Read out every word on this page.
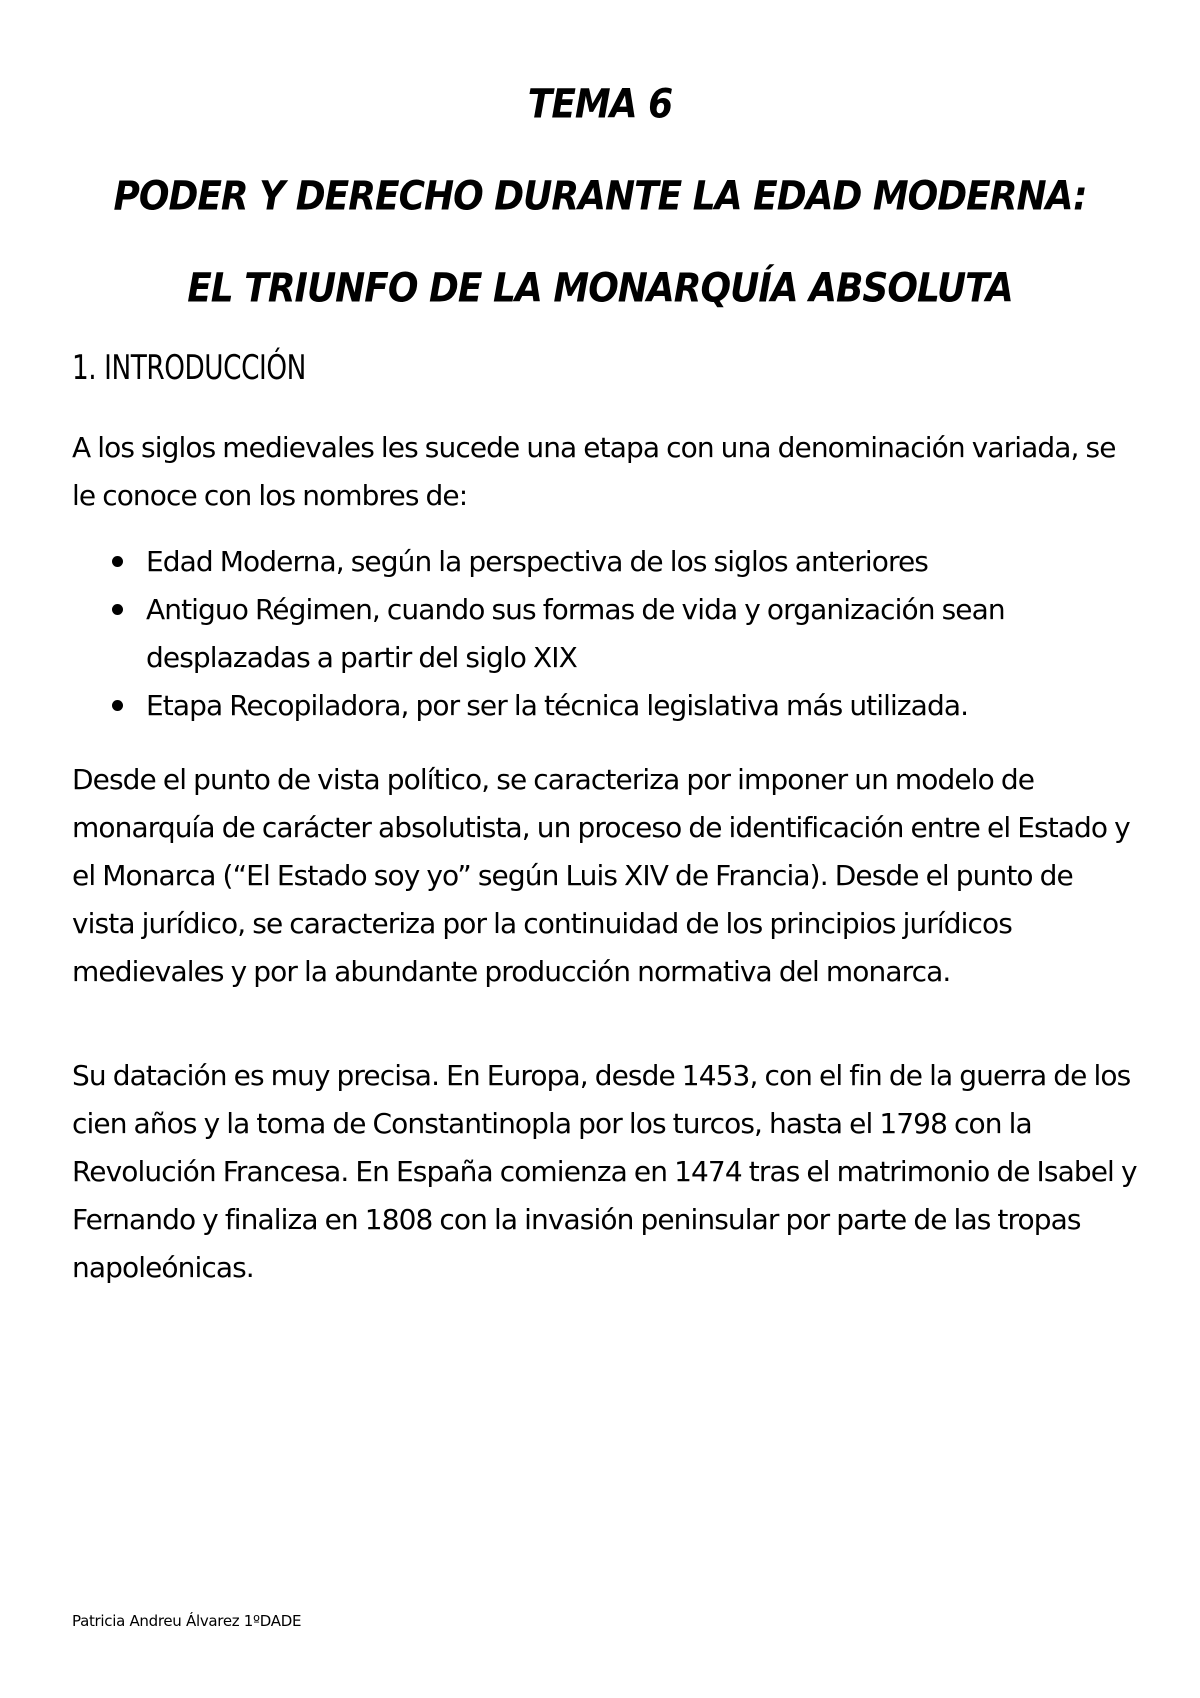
TEMA 6
PODER Y DERECHO DURANTE LA EDAD MODERNA:
EL TRIUNFO DE LA MONARQUÍA ABSOLUTA
1. INTRODUCCIÓN

A los siglos medievales les sucede una etapa con una denominación variada, se le conoce con los nombres de:

Edad Moderna, según la perspectiva de los siglos anteriores
Antiguo Régimen, cuando sus formas de vida y organización sean desplazadas a partir del siglo XIX
Etapa Recopiladora, por ser la técnica legislativa más utilizada.

Desde el punto de vista político, se caracteriza por imponer un modelo de monarquía de carácter absolutista, un proceso de identificación entre el Estado y el Monarca (“El Estado soy yo” según Luis XIV de Francia). Desde el punto de vista jurídico, se caracteriza por la continuidad de los principios jurídicos medievales y por la abundante producción normativa del monarca.

Su datación es muy precisa. En Europa, desde 1453, con el fin de la guerra de los cien años y la toma de Constantinopla por los turcos, hasta el 1798 con la Revolución Francesa. En España comienza en 1474 tras el matrimonio de Isabel y Fernando y finaliza en 1808 con la invasión peninsular por parte de las tropas napoleónicas.

Patricia Andreu Álvarez 1ºDADE
